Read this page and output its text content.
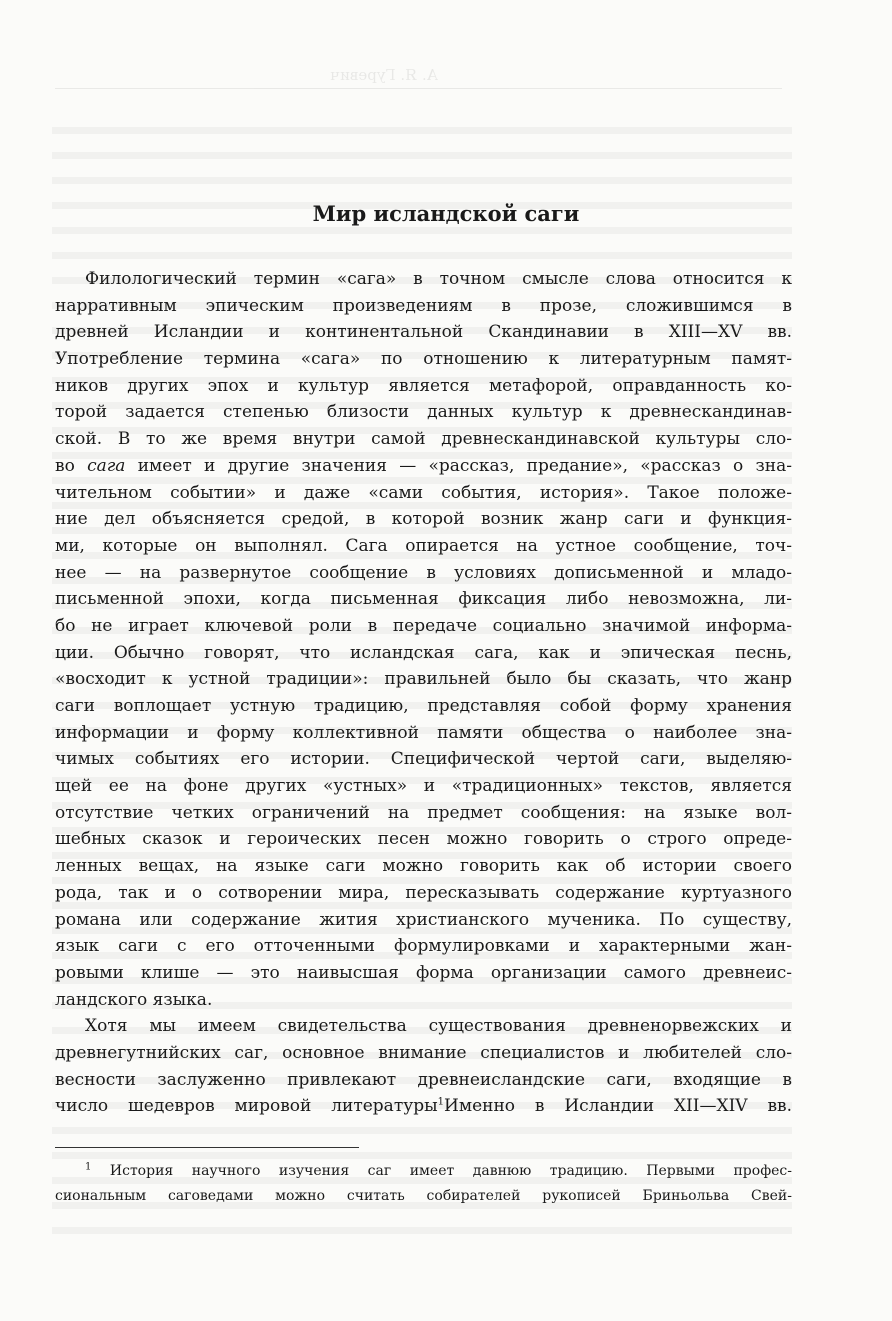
А. Я. Гуревич
Мир исландской саги
Филологический термин «сага» в точном смысле слова относится к
нарративным эпическим произведениям в прозе, сложившимся в
древней Исландии и континентальной Скандинавии в XIII—XV вв.
Употребление термина «сага» по отношению к литературным памят-
ников других эпох и культур является метафорой, оправданность ко-
торой задается степенью близости данных культур к древнескандинав-
ской. В то же время внутри самой древнескандинавской культуры сло-
во сага имеет и другие значения — «рассказ, предание», «рассказ о зна-
чительном событии» и даже «сами события, история». Такое положе-
ние дел объясняется средой, в которой возник жанр саги и функция-
ми, которые он выполнял. Сага опирается на устное сообщение, точ-
нее — на развернутое сообщение в условиях дописьменной и младо-
письменной эпохи, когда письменная фиксация либо невозможна, ли-
бо не играет ключевой роли в передаче социально значимой информа-
ции. Обычно говорят, что исландская сага, как и эпическая песнь,
«восходит к устной традиции»: правильней было бы сказать, что жанр
саги воплощает устную традицию, представляя собой форму хранения
информации и форму коллективной памяти общества о наиболее зна-
чимых событиях его истории. Специфической чертой саги, выделяю-
щей ее на фоне других «устных» и «традиционных» текстов, является
отсутствие четких ограничений на предмет сообщения: на языке вол-
шебных сказок и героических песен можно говорить о строго опреде-
ленных вещах, на языке саги можно говорить как об истории своего
рода, так и о сотворении мира, пересказывать содержание куртуазного
романа или содержание жития христианского мученика. По существу,
язык саги с его отточенными формулировками и характерными жан-
ровыми клише — это наивысшая форма организации самого древнеис-
ландского языка.
Хотя мы имеем свидетельства существования древненорвежских и
древнегутнийских саг, основное внимание специалистов и любителей сло-
весности заслуженно привлекают древнеисландские саги, входящие в
число шедевров мировой литературы$^1$Именно в Исландии XII—XIV вв.
$^1$ История научного изучения саг имеет давнюю традицию. Первыми профес-
сиональным саговедами можно считать собирателей рукописей Бриньольва Свей-
